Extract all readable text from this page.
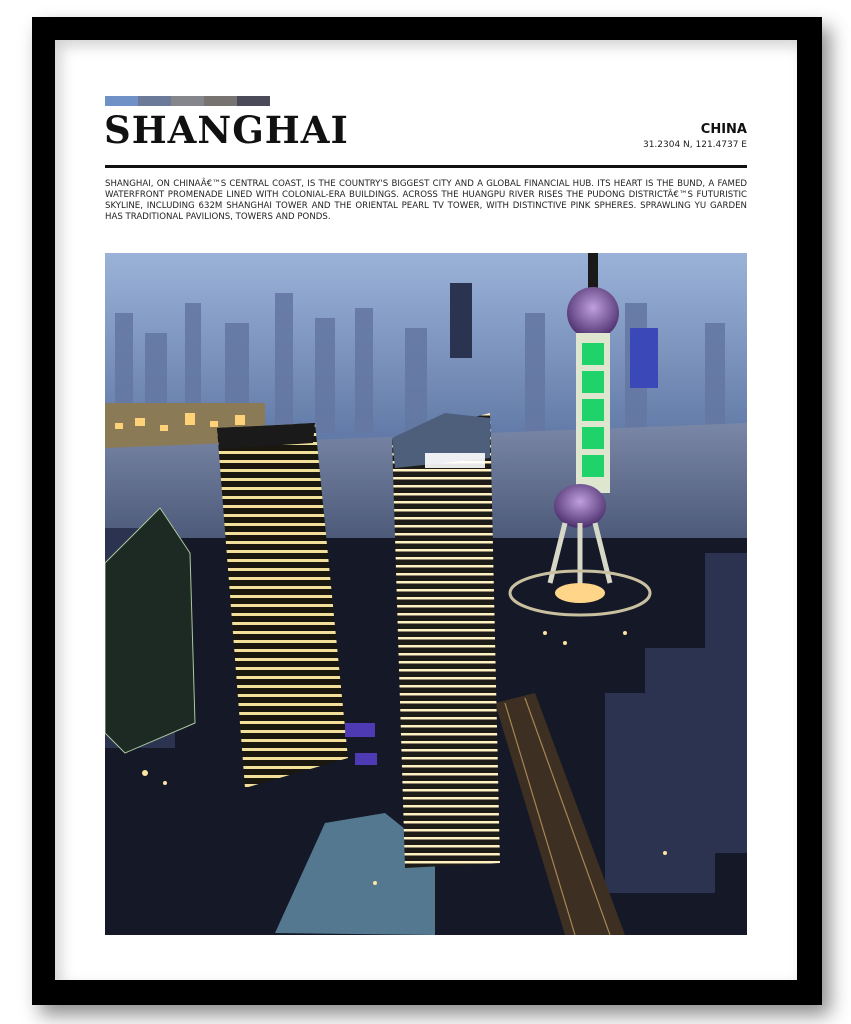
SHANGHAI	CHINA
31.2304 N, 121.4737 E

SHANGHAI, ON CHINAÂ€™S CENTRAL COAST, IS THE COUNTRY'S BIGGEST CITY AND A GLOBAL FINANCIAL HUB. ITS HEART IS THE BUND, A FAMED WATERFRONT PROMENADE LINED WITH COLONIAL-ERA BUILDINGS. ACROSS THE HUANGPU RIVER RISES THE PUDONG DISTRICTÂ€™S FUTURISTIC SKYLINE, INCLUDING 632M SHANGHAI TOWER AND THE ORIENTAL PEARL TV TOWER, WITH DISTINCTIVE PINK SPHERES. SPRAWLING YU GARDEN HAS TRADITIONAL PAVILIONS, TOWERS AND PONDS.
